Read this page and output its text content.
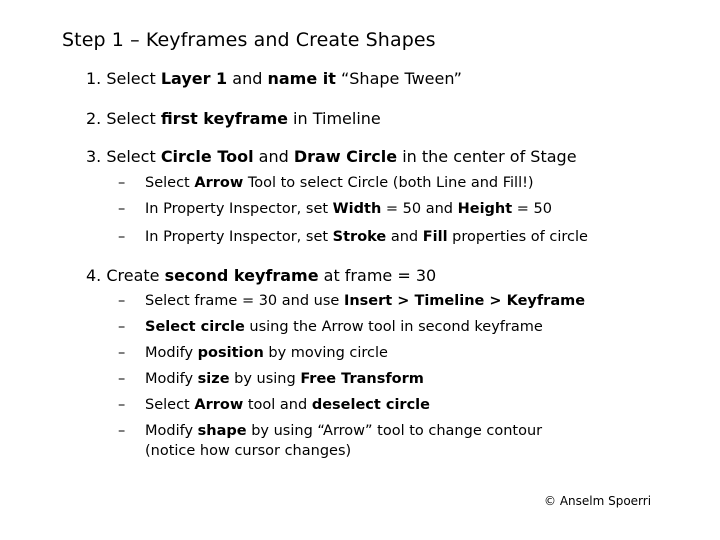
Step 1 – Keyframes and Create Shapes
1. Select Layer 1 and name it “Shape Tween”
2. Select first keyframe in Timeline
3. Select Circle Tool and Draw Circle in the center of Stage
– Select Arrow Tool to select Circle (both Line and Fill!)
– In Property Inspector, set Width = 50 and Height = 50
– In Property Inspector, set Stroke and Fill properties of circle
4. Create second keyframe at frame = 30
– Select frame = 30 and use Insert > Timeline > Keyframe
– Select circle using the Arrow tool in second keyframe
– Modify position by moving circle
– Modify size by using Free Transform
– Select Arrow tool and deselect circle
– Modify shape by using “Arrow” tool to change contour
(notice how cursor changes)
© Anselm Spoerri
